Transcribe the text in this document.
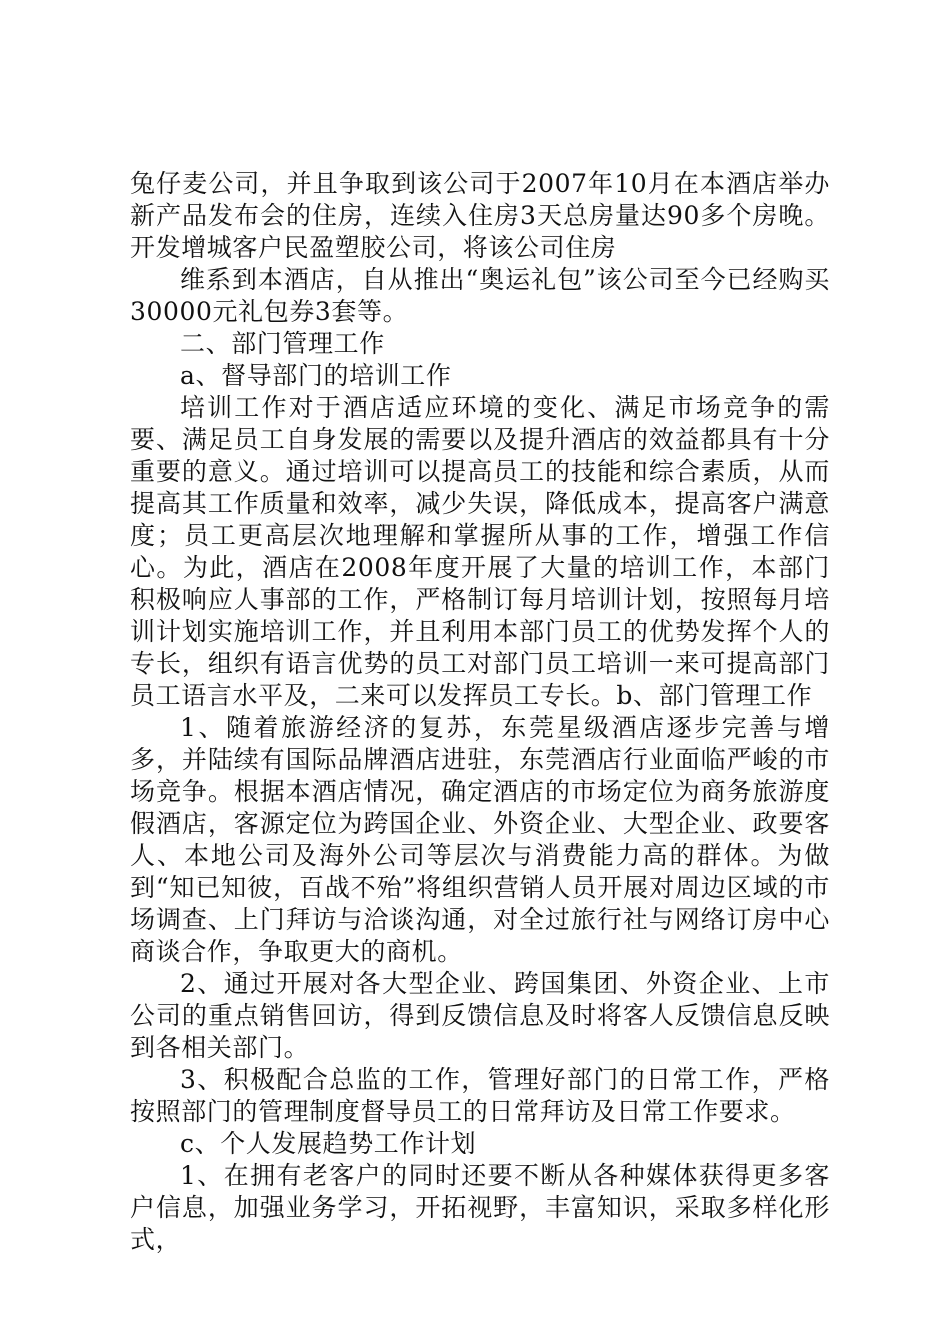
兔仔麦公司，并且争取到该公司于2007年10月在本酒店举办新产品发布会的住房，连续入住房3天总房量达90多个房晚。开发增城客户民盈塑胶公司，将该公司住房

维系到本酒店，自从推出“奥运礼包”该公司至今已经购买30000元礼包券3套等。

二、部门管理工作

a、督导部门的培训工作

培训工作对于酒店适应环境的变化、满足市场竞争的需要、满足员工自身发展的需要以及提升酒店的效益都具有十分重要的意义。通过培训可以提高员工的技能和综合素质，从而提高其工作质量和效率，减少失误，降低成本，提高客户满意度；员工更高层次地理解和掌握所从事的工作，增强工作信心。为此，酒店在2008年度开展了大量的培训工作，本部门积极响应人事部的工作，严格制订每月培训计划，按照每月培训计划实施培训工作，并且利用本部门员工的优势发挥个人的专长，组织有语言优势的员工对部门员工培训一来可提高部门员工语言水平及，二来可以发挥员工专长。b、部门管理工作

1、随着旅游经济的复苏，东莞星级酒店逐步完善与增多，并陆续有国际品牌酒店进驻，东莞酒店行业面临严峻的市场竞争。根据本酒店情况，确定酒店的市场定位为商务旅游度假酒店，客源定位为跨国企业、外资企业、大型企业、政要客人、本地公司及海外公司等层次与消费能力高的群体。为做到“知已知彼，百战不殆”将组织营销人员开展对周边区域的市场调查、上门拜访与洽谈沟通，对全过旅行社与网络订房中心商谈合作，争取更大的商机。

2、通过开展对各大型企业、跨国集团、外资企业、上市公司的重点销售回访，得到反馈信息及时将客人反馈信息反映到各相关部门。

3、积极配合总监的工作，管理好部门的日常工作，严格按照部门的管理制度督导员工的日常拜访及日常工作要求。

c、个人发展趋势工作计划

1、在拥有老客户的同时还要不断从各种媒体获得更多客户信息，加强业务学习，开拓视野，丰富知识，采取多样化形式，
